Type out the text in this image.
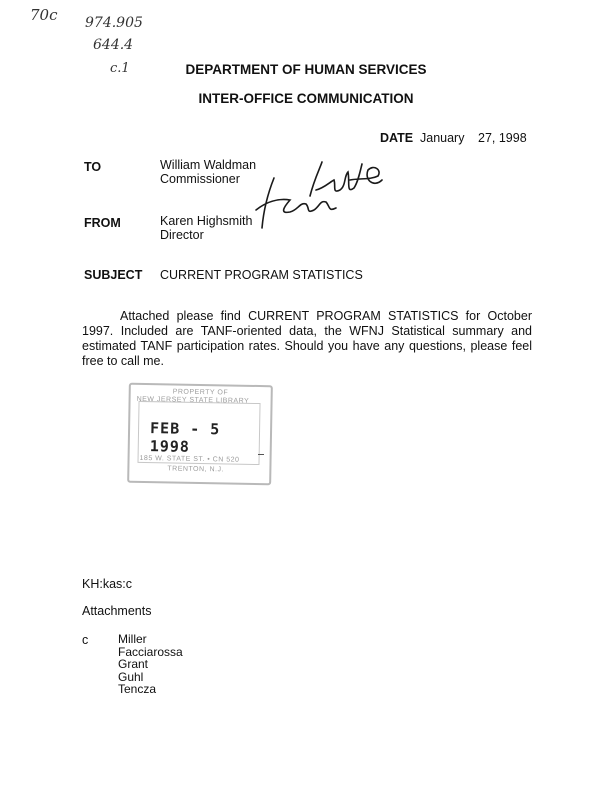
70c 974.905
644.4
c.1	DEPARTMENT OF HUMAN SERVICES
INTER-OFFICE COMMUNICATION
DATE January 27, 1998
TO	William Waldman
Commissioner
FROM	Karen Highsmith
Director
SUBJECT CURRENT PROGRAM STATISTICS
Attached please find CURRENT PROGRAM STATISTICS for October 1997. Included are TANF-oriented data, the WFNJ Statistical summary and estimated TANF participation rates. Should you have any questions, please feel free to call me.
PROPERTY OF
NEW JERSEY STATE LIBRARY
FEB - 5 1998
185 W. STATE ST. • CN 520
TRENTON, N.J.
KH:kas:c
Attachments
c Miller
Facciarossa
Grant
Guhl
Tencza
